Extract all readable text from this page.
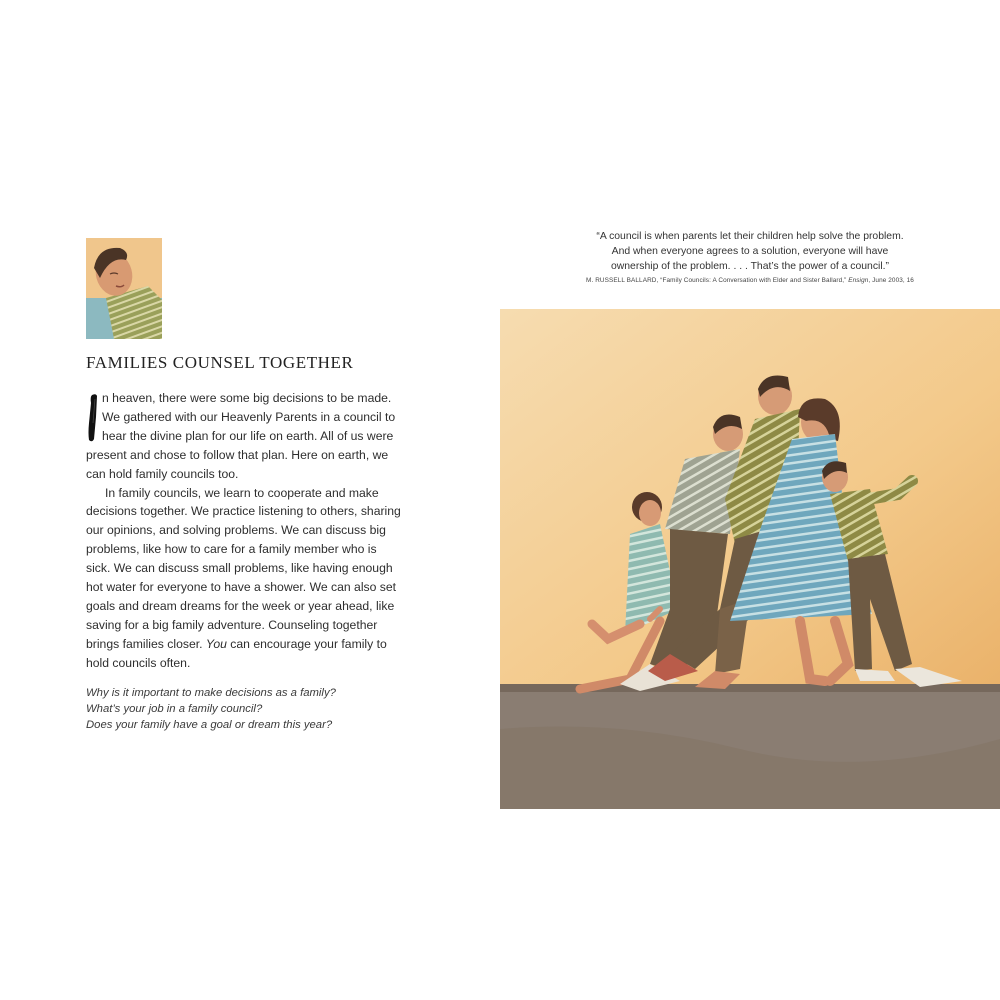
FAMILIES COUNSEL TOGETHER

n heaven, there were some big decisions to be made.
We gathered with our Heavenly Parents in a council to
hear the divine plan for our life on earth. All of us were
present and chose to follow that plan. Here on earth, we
can hold family councils too.

In family councils, we learn to cooperate and make
decisions together. We practice listening to others, sharing
our opinions, and solving problems. We can discuss big
problems, like how to care for a family member who is
sick. We can discuss small problems, like having enough
hot water for everyone to have a shower. We can also set
goals and dream dreams for the week or year ahead, like
saving for a big family adventure. Counseling together
brings families closer. You can encourage your family to
hold councils often.

Why is it important to make decisions as a family?
What’s your job in a family council?
Does your family have a goal or dream this year?
“A council is when parents let their children help solve the problem.
And when everyone agrees to a solution, everyone will have
ownership of the problem. . . . That’s the power of a council.”
M. RUSSELL BALLARD, “Family Councils: A Conversation with Elder and Sister Ballard,” Ensign, June 2003, 16
